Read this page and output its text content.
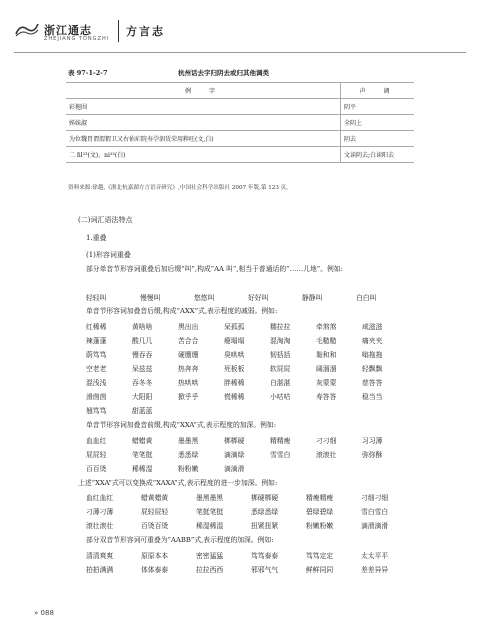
浙江通志
ZHEJIANG TONGZHI
方言志
表 97-1-2-7	杭州话去字归阴去或归其他调类
例　字	声　调
彩拖围	阴平
姊妹淑	全阴上
为位魏胃谓渭猬卫又右佑疟院寿孕泅赁荣用粹旺(文,白)	阴去
二 ɦl²³(文)、ni²³(白)	文读阴去;白读阳去
资料来源:徐越,《浙北杭嘉湖方言语音研究》,中国社会科学出版社 2007 年版,第 123 页。
(二)词汇语法特点
1.重叠
(1)形容词重叠
部分单音节形容词重叠后加后缀“叫”,构成“AA 叫”,相当于普通话的“……儿地”。例如:
轻轻叫	慢慢叫	悠悠叫	好好叫	静静叫	白白叫
单音节形容词加叠音后缀,构成“AXX”式,表示程度的减弱。例如:
红稀稀	黄啥啥	黑出出	呆孤孤	糯拉拉	牵煞煞	咸滋滋
辣蓬蓬	酸几几	苦合合	瘪塌塌	混淘淘	毛糙糙	痛夹夹
蔚笃笃	慢吞吞	硬绷绷	臭哄哄	韧括括	黏和和	嗡拖拖
空老老	呆兹兹	热奔奔	死板板	软屁屁	阔溜溜	轻飘飘
混浅浅	吞冬冬	热哄哄	胖稀稀	白湛湛	灰蒙蒙	慈答答
滑茵茵	大阳阳	掀乎乎	慌稀稀	小咕咕	寿答答	稳当当
翘笃笃	甜蓝蓝
单音节形容词加叠音前缀,构成“XXA”式,表示程度的加深。例如:
血血红	蜡蜡黄	墨墨黑	梆梆硬	精精瘦	刁刁细	习习薄
屁屁轻	笔笔挺	悉悉绿	滴滴绿	雪雪白	滚滚壮	弥弥酥
百百烫	稀稀湿	粉粉嫩	滴滴滑
上述“XXA”式可以变换成“XAXA”式,表示程度的进一步加深。例如:
血红血红	蜡黄蜡黄	墨黑墨黑	梆硬梆硬	精瘦精瘦	刁细刁细
刁薄刁薄	屁轻屁轻	笔挺笔挺	悉绿悉绿	碧绿碧绿	雪白雪白
滚壮滚壮	百烫百烫	稀湿稀湿	扭紧扭紧	粉嫩粉嫩	滴滑滴滑
部分双音节形容词可重叠为“AABB”式,表示程度的加深。例如:
清清爽爽	原原本本	密密猛猛	笃笃泰泰	笃笃定定	太太平平
拍拍满满	体体泰泰	拉拉西西	邪邪气气	鲜鲜同同	差差异异
» 088
